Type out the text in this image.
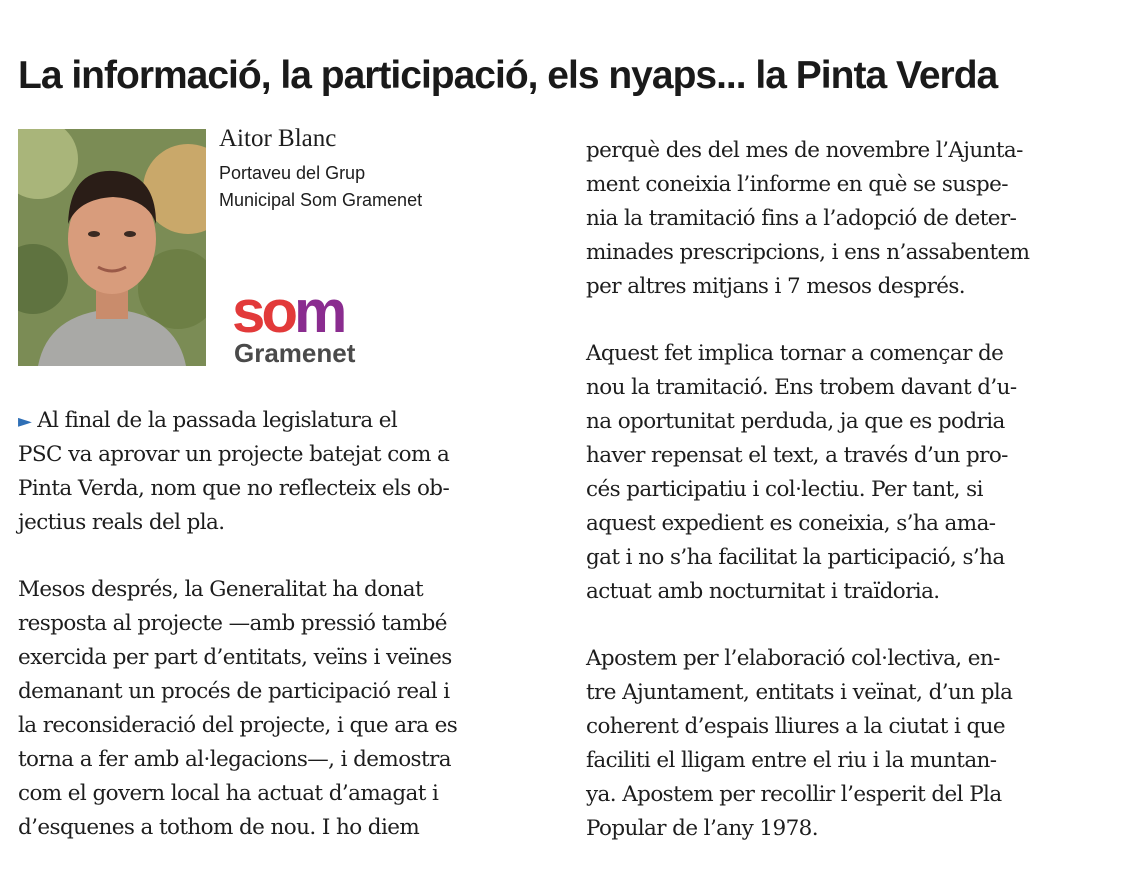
La informació, la participació, els nyaps... la Pinta Verda
Aitor Blanc
Portaveu del Grup
Municipal Som Gramenet
so m
Gramenet
► Al final de la passada legislatura el
PSC va aprovar un projecte batejat com a
Pinta Verda, nom que no reflecteix els ob-
jectius reals del pla.
Mesos després, la Generalitat ha donat
resposta al projecte —amb pressió també
exercida per part d’entitats, veïns i veïnes
demanant un procés de participació real i
la reconsideració del projecte, i que ara es
torna a fer amb al·legacions—, i demostra
com el govern local ha actuat d’amagat i
d’esquenes a tothom de nou. I ho diem
perquè des del mes de novembre l’Ajunta-
ment coneixia l’informe en què se suspe-
nia la tramitació fins a l’adopció de deter-
minades prescripcions, i ens n’assabentem
per altres mitjans i 7 mesos després.
Aquest fet implica tornar a començar de
nou la tramitació. Ens trobem davant d’u-
na oportunitat perduda, ja que es podria
haver repensat el text, a través d’un pro-
cés participatiu i col·lectiu. Per tant, si
aquest expedient es coneixia, s’ha ama-
gat i no s’ha facilitat la participació, s’ha
actuat amb nocturnitat i traïdoria.
Apostem per l’elaboració col·lectiva, en-
tre Ajuntament, entitats i veïnat, d’un pla
coherent d’espais lliures a la ciutat i que
faciliti el lligam entre el riu i la muntan-
ya. Apostem per recollir l’esperit del Pla
Popular de l’any 1978.
